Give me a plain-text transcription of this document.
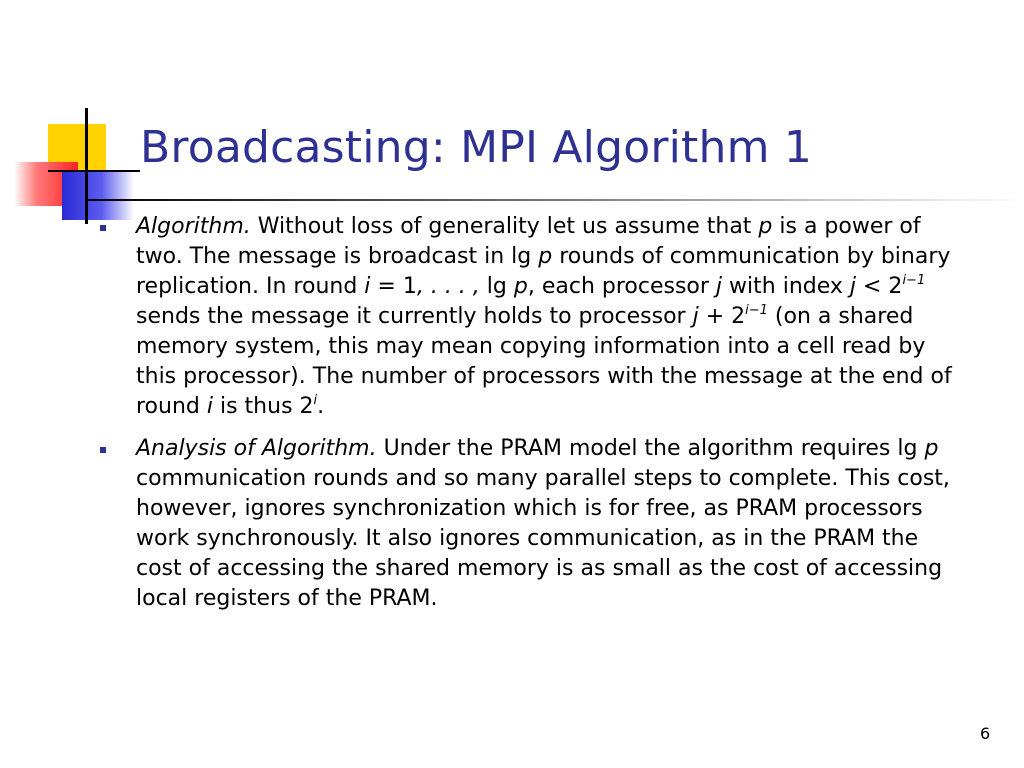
Broadcasting: MPI Algorithm 1
Algorithm. Without loss of generality let us assume that p is a power of two. The message is broadcast in lg p rounds of communication by binary replication. In round i = 1, . . . , lg p, each processor j with index $j < 2^{i-1}$ sends the message it currently holds to processor $j + 2^{i-1}$ (on a shared memory system, this may mean copying information into a cell read by this processor). The number of processors with the message at the end of round i is thus 2$^i$.
Analysis of Algorithm. Under the PRAM model the algorithm requires lg p communication rounds and so many parallel steps to complete. This cost, however, ignores synchronization which is for free, as PRAM processors work synchronously. It also ignores communication, as in the PRAM the cost of accessing the shared memory is as small as the cost of accessing local registers of the PRAM.
6
